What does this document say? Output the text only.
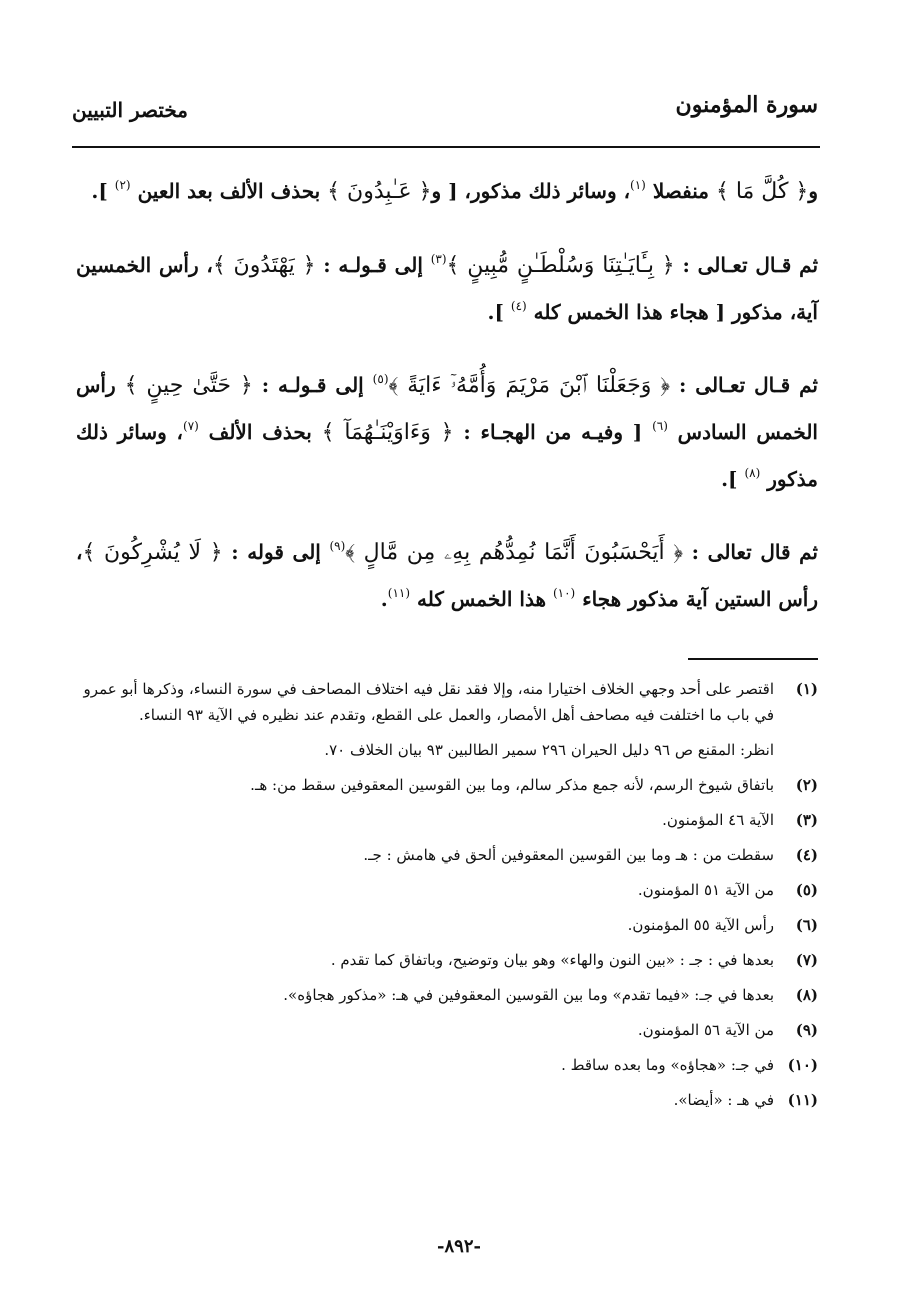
سورة المؤمنون
مختصر التبيين

و﴿ كُلَّ مَا ﴾ منفصلا $^{(١)}$، وسائر ذلك مذكور، [ و﴿ عَـٰبِدُونَ ﴾ بحذف الألف بعد العين $^{(٢)}$ ].

ثم قـال تعـالى : ﴿ بِـَٔايَـٰتِنَا وَسُلْطَـٰنٍ مُّبِينٍ ﴾$^{(٣)}$ إلى قـولـه : ﴿ يَهْتَدُونَ ﴾، رأس الخمسين آية، مذكور [ هجاء هذا الخمس كله $^{(٤)}$ ].

ثم قـال تعـالى : ﴿ وَجَعَلْنَا ٱبْنَ مَرْيَمَ وَأُمَّهُۥٓ ءَايَةً ﴾$^{(٥)}$ إلى قـولـه : ﴿ حَتَّىٰ حِينٍ ﴾ رأس الخمس السادس $^{(٦)}$ [ وفيـه من الهجـاء : ﴿ وَءَاوَيْنَـٰهُمَآ ﴾ بحذف الألف $^{(٧)}$، وسائر ذلك مذكور $^{(٨)}$ ].

ثم قال تعالى : ﴿ أَيَحْسَبُونَ أَنَّمَا نُمِدُّهُم بِهِۦ مِن مَّالٍ ﴾$^{(٩)}$ إلى قوله : ﴿ لَا يُشْرِكُونَ ﴾، رأس الستين آية مذكور هجاء $^{(١٠)}$ هذا الخمس كله $^{(١١)}$.

(١)
اقتصر على أحد وجهي الخلاف اختيارا منه، وإلا فقد نقل فيه اختلاف المصاحف في سورة النساء، وذكرها أبو عمرو في باب ما اختلفت فيه مصاحف أهل الأمصار، والعمل على القطع، وتقدم عند نظيره في الآية ٩٣ النساء.
انظر: المقنع ص ٩٦ دليل الحيران ٢٩٦ سمير الطالبين ٩٣ بيان الخلاف ٧٠.
(٢)
باتفاق شيوخ الرسم، لأنه جمع مذكر سالم، وما بين القوسين المعقوفين سقط من: هـ.
(٣)
الآية ٤٦ المؤمنون.
(٤)
سقطت من : هـ وما بين القوسين المعقوفين ألحق في هامش : جـ.
(٥)
من الآية ٥١ المؤمنون.
(٦)
رأس الآية ٥٥ المؤمنون.
(٧)
بعدها في : جـ : «بين النون والهاء» وهو بيان وتوضيح، وباتفاق كما تقدم .
(٨)
بعدها في جـ: «فيما تقدم» وما بين القوسين المعقوفين في هـ: «مذكور هجاؤه».
(٩)
من الآية ٥٦ المؤمنون.
(١٠)
في جـ: «هجاؤه» وما بعده ساقط .
(١١)
في هـ : «أيضا».
-٨٩٢-
